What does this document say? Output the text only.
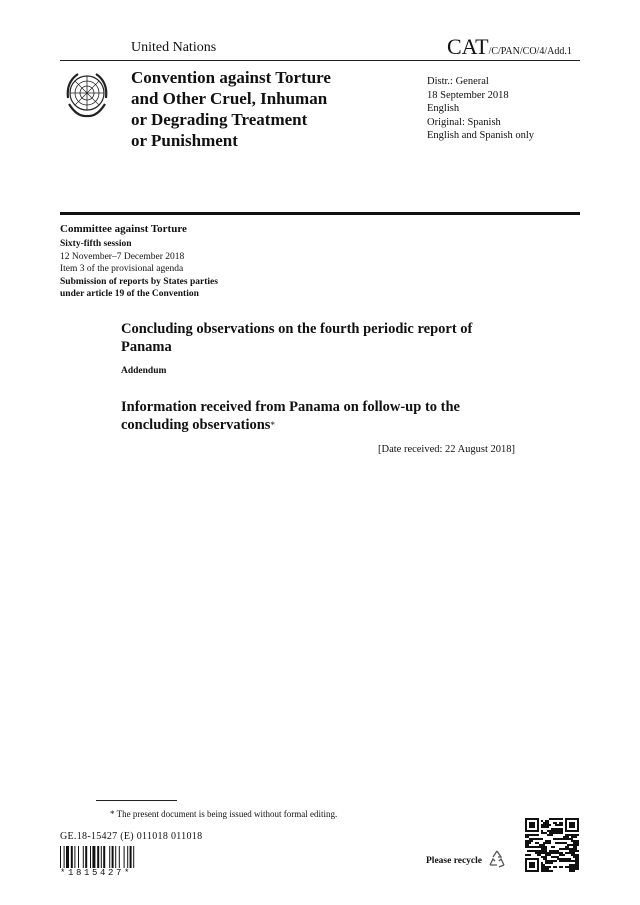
United Nations	CAT/C/PAN/CO/4/Add.1
Convention against Torture
and Other Cruel, Inhuman
or Degrading Treatment
or Punishment
Distr.: General
18 September 2018
English
Original: Spanish
English and Spanish only
Committee against Torture
Sixty-fifth session
12 November–7 December 2018
Item 3 of the provisional agenda
Submission of reports by States parties
under article 19 of the Convention
Concluding observations on the fourth periodic report of Panama
Addendum
Information received from Panama on follow-up to the concluding observations*
[Date received: 22 August 2018]
* The present document is being issued without formal editing.
GE.18-15427 (E) 011018 011018
*1815427*
Please recycle
